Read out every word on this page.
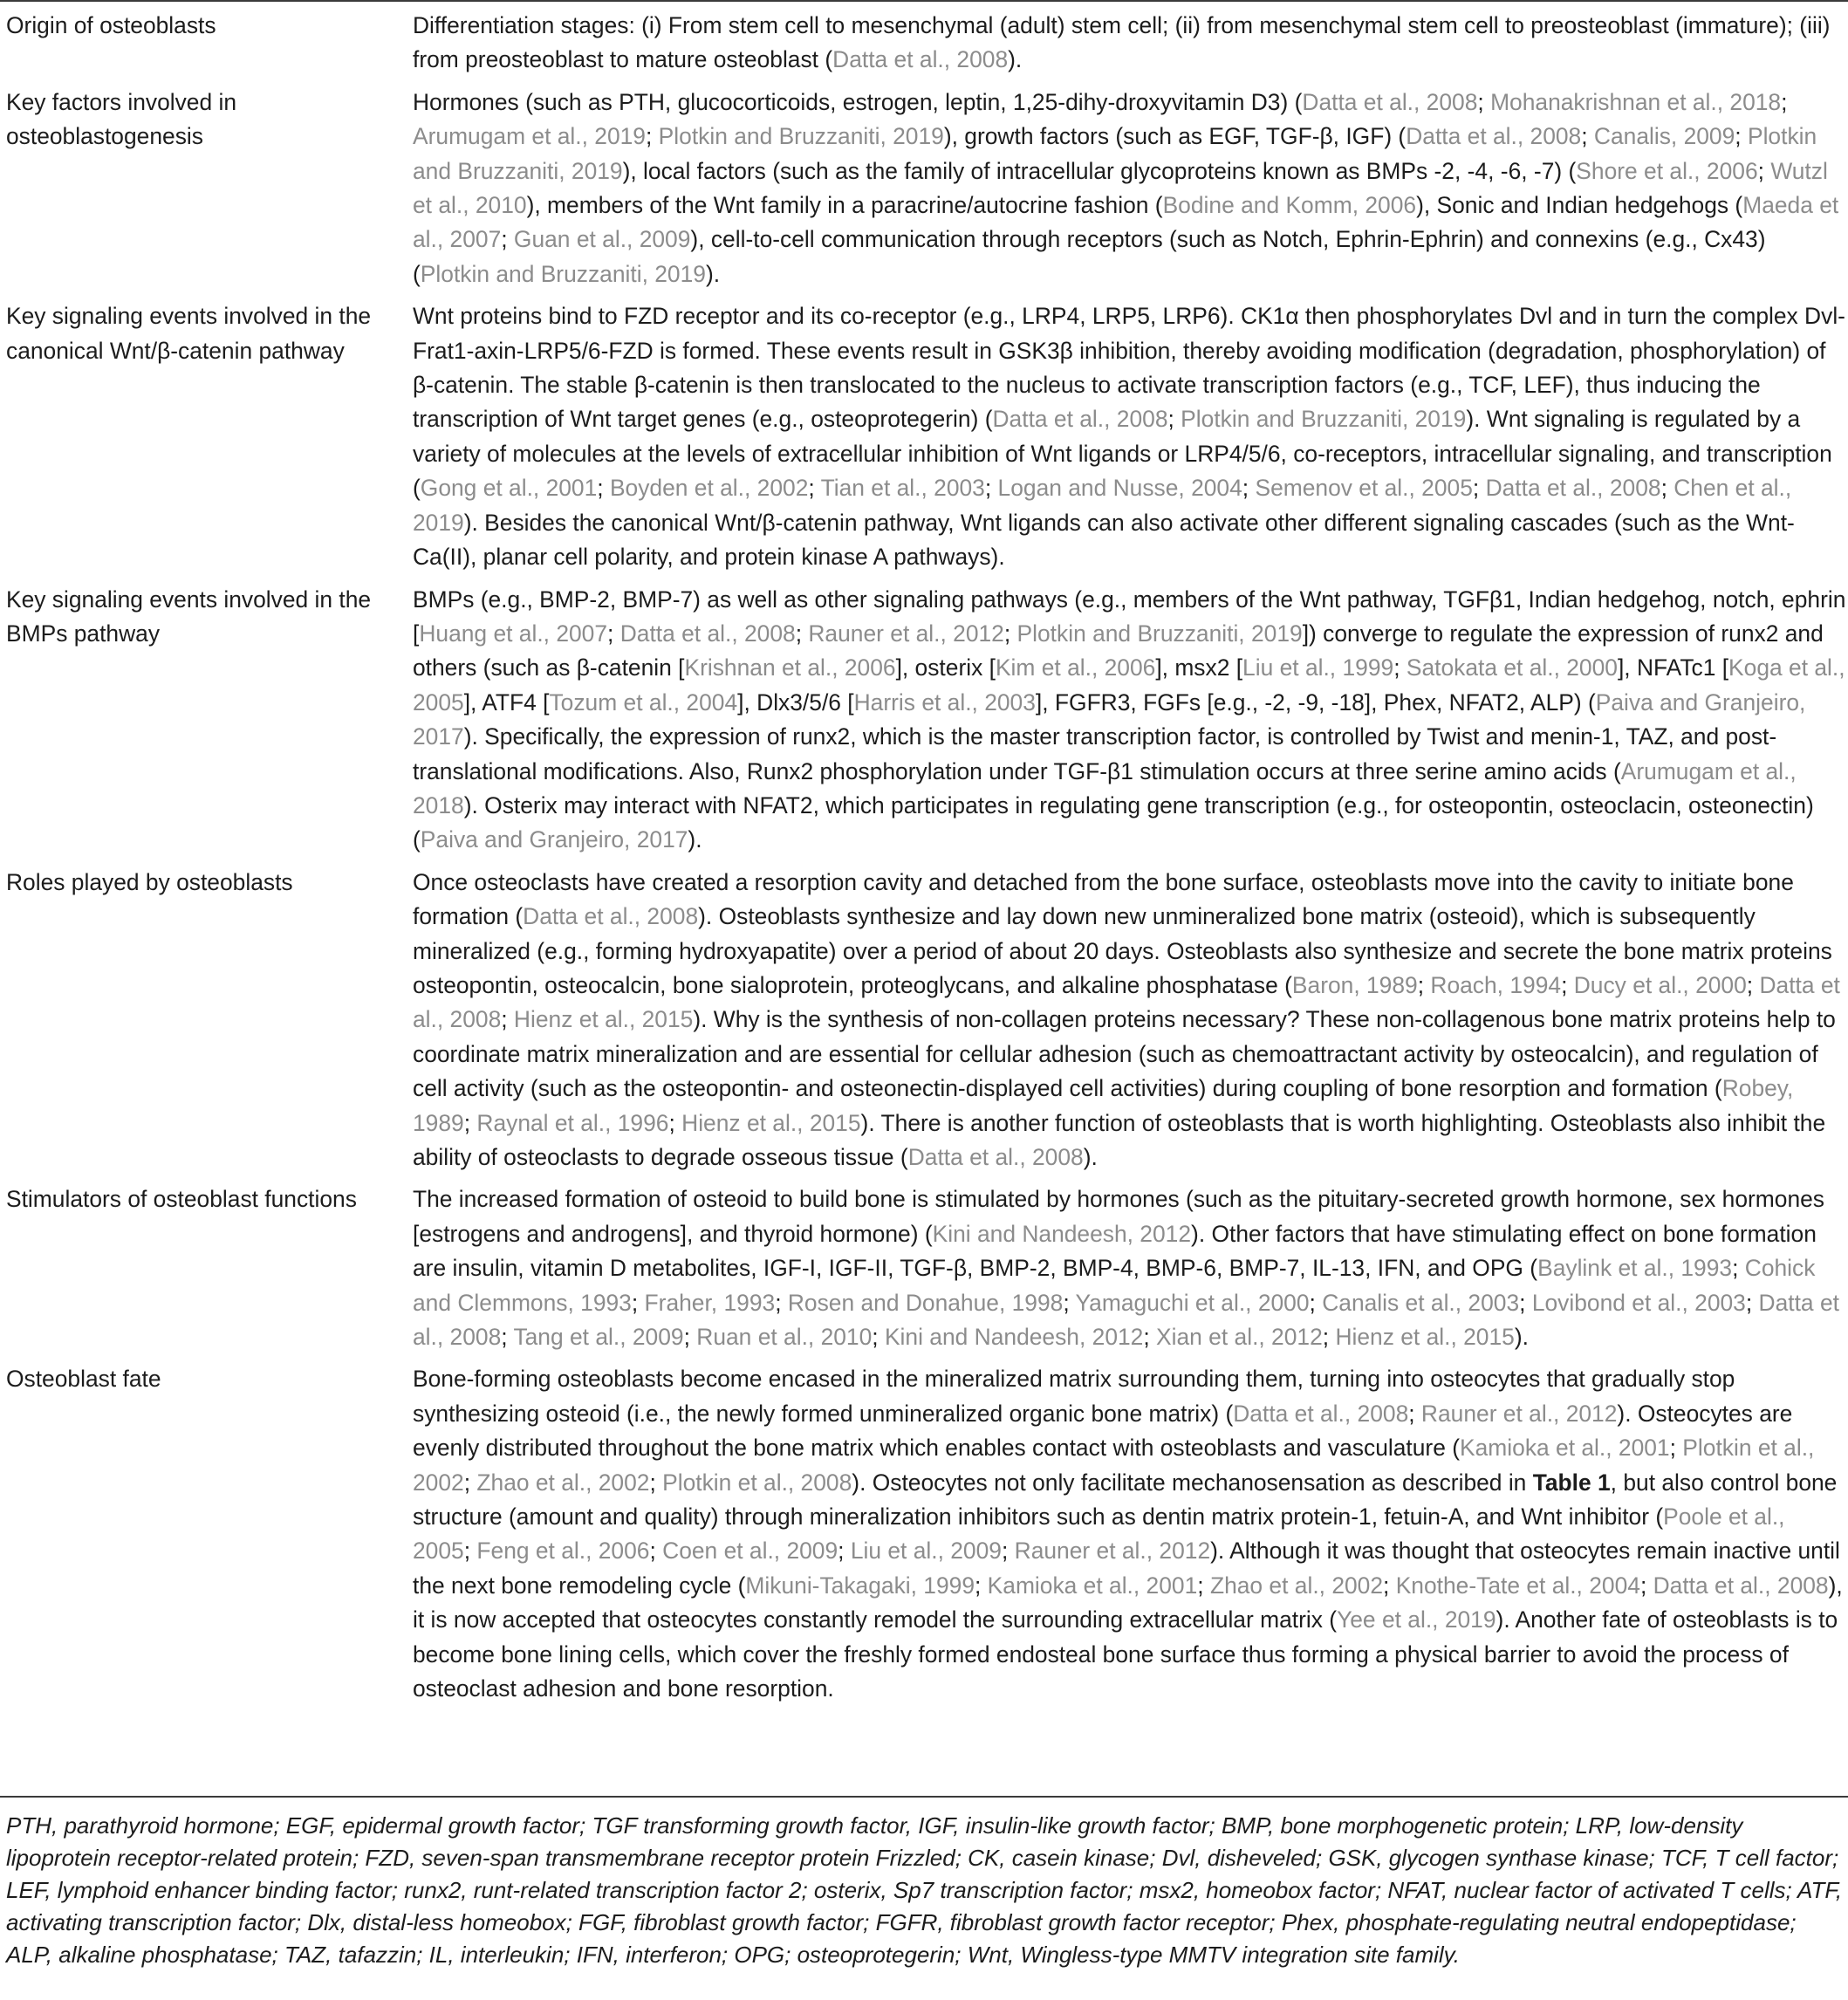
Origin of osteoblasts	Differentiation stages: (i) From stem cell to mesenchymal (adult) stem cell; (ii) from mesenchymal stem cell to preosteoblast (immature); (iii) from preosteoblast to mature osteoblast (Datta et al., 2008).

Key factors involved in osteoblastogenesis	Hormones (such as PTH, glucocorticoids, estrogen, leptin, 1,25-dihy-droxyvitamin D3) (Datta et al., 2008; Mohanakrishnan et al., 2018; Arumugam et al., 2019; Plotkin and Bruzzaniti, 2019), growth factors (such as EGF, TGF-β, IGF) (Datta et al., 2008; Canalis, 2009; Plotkin and Bruzzaniti, 2019), local factors (such as the family of intracellular glycoproteins known as BMPs -2, -4, -6, -7) (Shore et al., 2006; Wutzl et al., 2010), members of the Wnt family in a paracrine/autocrine fashion (Bodine and Komm, 2006), Sonic and Indian hedgehogs (Maeda et al., 2007; Guan et al., 2009), cell-to-cell communication through receptors (such as Notch, Ephrin-Ephrin) and connexins (e.g., Cx43) (Plotkin and Bruzzaniti, 2019).

Key signaling events involved in the canonical Wnt/β-catenin pathway	Wnt proteins bind to FZD receptor and its co-receptor (e.g., LRP4, LRP5, LRP6). CK1α then phosphorylates Dvl and in turn the complex Dvl-Frat1-axin-LRP5/6-FZD is formed. These events result in GSK3β inhibition, thereby avoiding modification (degradation, phosphorylation) of β-catenin. The stable β-catenin is then translocated to the nucleus to activate transcription factors (e.g., TCF, LEF), thus inducing the transcription of Wnt target genes (e.g., osteoprotegerin) (Datta et al., 2008; Plotkin and Bruzzaniti, 2019). Wnt signaling is regulated by a variety of molecules at the levels of extracellular inhibition of Wnt ligands or LRP4/5/6, co-receptors, intracellular signaling, and transcription (Gong et al., 2001; Boyden et al., 2002; Tian et al., 2003; Logan and Nusse, 2004; Semenov et al., 2005; Datta et al., 2008; Chen et al., 2019). Besides the canonical Wnt/β-catenin pathway, Wnt ligands can also activate other different signaling cascades (such as the Wnt-Ca(II), planar cell polarity, and protein kinase A pathways).

Key signaling events involved in the BMPs pathway	BMPs (e.g., BMP-2, BMP-7) as well as other signaling pathways (e.g., members of the Wnt pathway, TGFβ1, Indian hedgehog, notch, ephrin [Huang et al., 2007; Datta et al., 2008; Rauner et al., 2012; Plotkin and Bruzzaniti, 2019]) converge to regulate the expression of runx2 and others (such as β-catenin [Krishnan et al., 2006], osterix [Kim et al., 2006], msx2 [Liu et al., 1999; Satokata et al., 2000], NFATc1 [Koga et al., 2005], ATF4 [Tozum et al., 2004], Dlx3/5/6 [Harris et al., 2003], FGFR3, FGFs [e.g., -2, -9, -18], Phex, NFAT2, ALP) (Paiva and Granjeiro, 2017). Specifically, the expression of runx2, which is the master transcription factor, is controlled by Twist and menin-1, TAZ, and post-translational modifications. Also, Runx2 phosphorylation under TGF-β1 stimulation occurs at three serine amino acids (Arumugam et al., 2018). Osterix may interact with NFAT2, which participates in regulating gene transcription (e.g., for osteopontin, osteoclacin, osteonectin) (Paiva and Granjeiro, 2017).

Roles played by osteoblasts	Once osteoclasts have created a resorption cavity and detached from the bone surface, osteoblasts move into the cavity to initiate bone formation (Datta et al., 2008). Osteoblasts synthesize and lay down new unmineralized bone matrix (osteoid), which is subsequently mineralized (e.g., forming hydroxyapatite) over a period of about 20 days. Osteoblasts also synthesize and secrete the bone matrix proteins osteopontin, osteocalcin, bone sialoprotein, proteoglycans, and alkaline phosphatase (Baron, 1989; Roach, 1994; Ducy et al., 2000; Datta et al., 2008; Hienz et al., 2015). Why is the synthesis of non-collagen proteins necessary? These non-collagenous bone matrix proteins help to coordinate matrix mineralization and are essential for cellular adhesion (such as chemoattractant activity by osteocalcin), and regulation of cell activity (such as the osteopontin- and osteonectin-displayed cell activities) during coupling of bone resorption and formation (Robey, 1989; Raynal et al., 1996; Hienz et al., 2015). There is another function of osteoblasts that is worth highlighting. Osteoblasts also inhibit the ability of osteoclasts to degrade osseous tissue (Datta et al., 2008).

Stimulators of osteoblast functions	The increased formation of osteoid to build bone is stimulated by hormones (such as the pituitary-secreted growth hormone, sex hormones [estrogens and androgens], and thyroid hormone) (Kini and Nandeesh, 2012). Other factors that have stimulating effect on bone formation are insulin, vitamin D metabolites, IGF-I, IGF-II, TGF-β, BMP-2, BMP-4, BMP-6, BMP-7, IL-13, IFN, and OPG (Baylink et al., 1993; Cohick and Clemmons, 1993; Fraher, 1993; Rosen and Donahue, 1998; Yamaguchi et al., 2000; Canalis et al., 2003; Lovibond et al., 2003; Datta et al., 2008; Tang et al., 2009; Ruan et al., 2010; Kini and Nandeesh, 2012; Xian et al., 2012; Hienz et al., 2015).

Osteoblast fate	Bone-forming osteoblasts become encased in the mineralized matrix surrounding them, turning into osteocytes that gradually stop synthesizing osteoid (i.e., the newly formed unmineralized organic bone matrix) (Datta et al., 2008; Rauner et al., 2012). Osteocytes are evenly distributed throughout the bone matrix which enables contact with osteoblasts and vasculature (Kamioka et al., 2001; Plotkin et al., 2002; Zhao et al., 2002; Plotkin et al., 2008). Osteocytes not only facilitate mechanosensation as described in Table 1, but also control bone structure (amount and quality) through mineralization inhibitors such as dentin matrix protein-1, fetuin-A, and Wnt inhibitor (Poole et al., 2005; Feng et al., 2006; Coen et al., 2009; Liu et al., 2009; Rauner et al., 2012). Although it was thought that osteocytes remain inactive until the next bone remodeling cycle (Mikuni-Takagaki, 1999; Kamioka et al., 2001; Zhao et al., 2002; Knothe-Tate et al., 2004; Datta et al., 2008), it is now accepted that osteocytes constantly remodel the surrounding extracellular matrix (Yee et al., 2019). Another fate of osteoblasts is to become bone lining cells, which cover the freshly formed endosteal bone surface thus forming a physical barrier to avoid the process of osteoclast adhesion and bone resorption.
PTH, parathyroid hormone; EGF, epidermal growth factor; TGF transforming growth factor, IGF, insulin-like growth factor; BMP, bone morphogenetic protein; LRP, low-density lipoprotein receptor-related protein; FZD, seven-span transmembrane receptor protein Frizzled; CK, casein kinase; Dvl, disheveled; GSK, glycogen synthase kinase; TCF, T cell factor; LEF, lymphoid enhancer binding factor; runx2, runt-related transcription factor 2; osterix, Sp7 transcription factor; msx2, homeobox factor; NFAT, nuclear factor of activated T cells; ATF, activating transcription factor; Dlx, distal-less homeobox; FGF, fibroblast growth factor; FGFR, fibroblast growth factor receptor; Phex, phosphate-regulating neutral endopeptidase; ALP, alkaline phosphatase; TAZ, tafazzin; IL, interleukin; IFN, interferon; OPG; osteoprotegerin; Wnt, Wingless-type MMTV integration site family.
